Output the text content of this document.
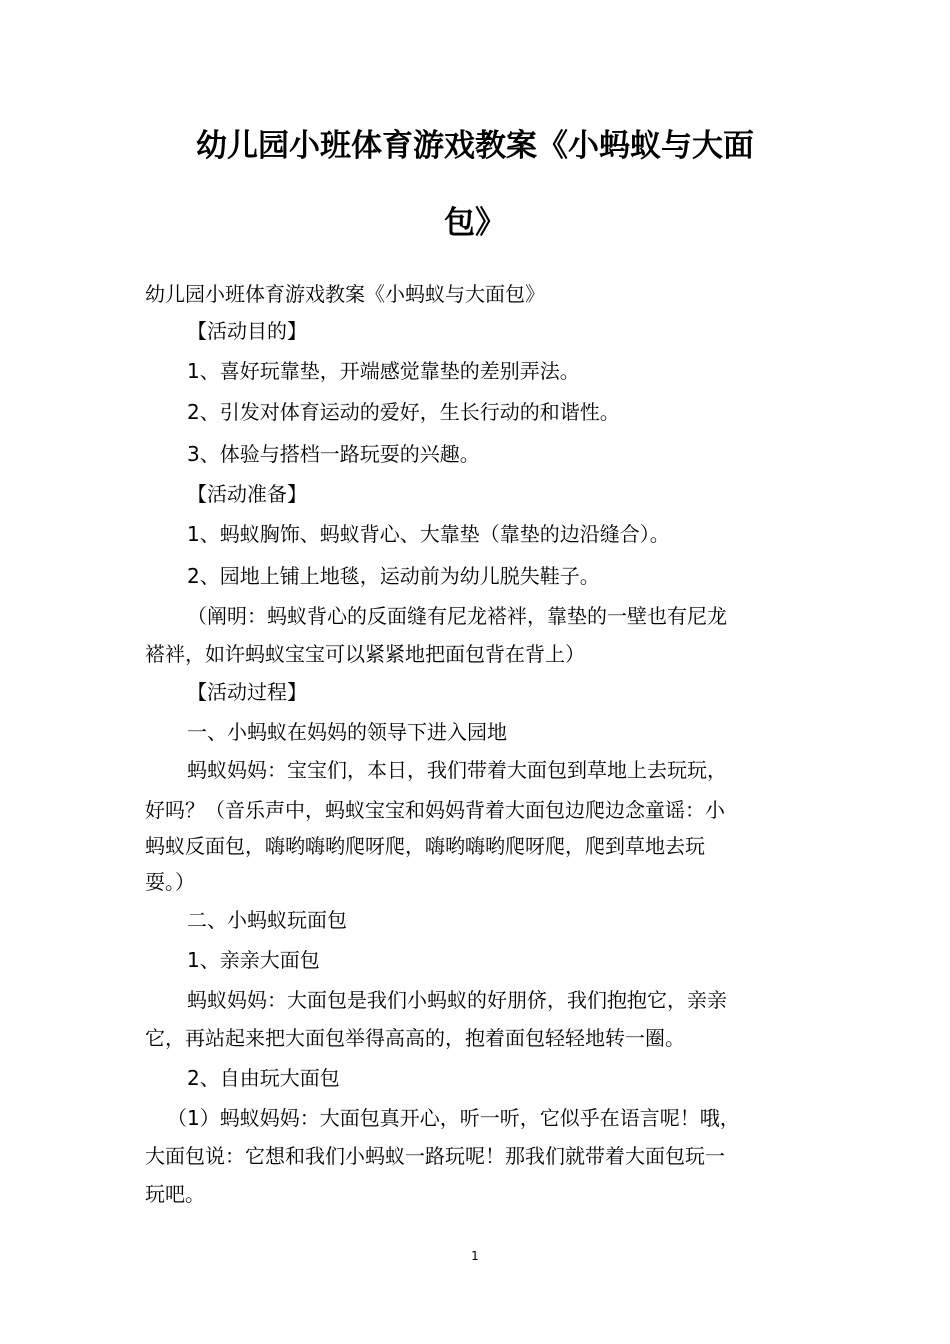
幼儿园小班体育游戏教案《小蚂蚁与大面
包》
幼儿园小班体育游戏教案《小蚂蚁与大面包》
【活动目的】
1、喜好玩靠垫，开端感觉靠垫的差别弄法。
2、引发对体育运动的爱好，生长行动的和谐性。
3、体验与搭档一路玩耍的兴趣。
【活动准备】
1、蚂蚁胸饰、蚂蚁背心、大靠垫（靠垫的边沿缝合）。
2、园地上铺上地毯，运动前为幼儿脱失鞋子。
（阐明：蚂蚁背心的反面缝有尼龙褡袢，靠垫的一壁也有尼龙
褡袢，如许蚂蚁宝宝可以紧紧地把面包背在背上）
【活动过程】
一、小蚂蚁在妈妈的领导下进入园地
蚂蚁妈妈：宝宝们，本日，我们带着大面包到草地上去玩玩，
好吗？（音乐声中，蚂蚁宝宝和妈妈背着大面包边爬边念童谣：小
蚂蚁反面包，嗨哟嗨哟爬呀爬，嗨哟嗨哟爬呀爬，爬到草地去玩
耍。）
二、小蚂蚁玩面包
1、亲亲大面包
蚂蚁妈妈：大面包是我们小蚂蚁的好朋侪，我们抱抱它，亲亲
它，再站起来把大面包举得高高的，抱着面包轻轻地转一圈。
2、自由玩大面包
（1）蚂蚁妈妈：大面包真开心，听一听，它似乎在语言呢！哦，
大面包说：它想和我们小蚂蚁一路玩呢！那我们就带着大面包玩一
玩吧。
1
